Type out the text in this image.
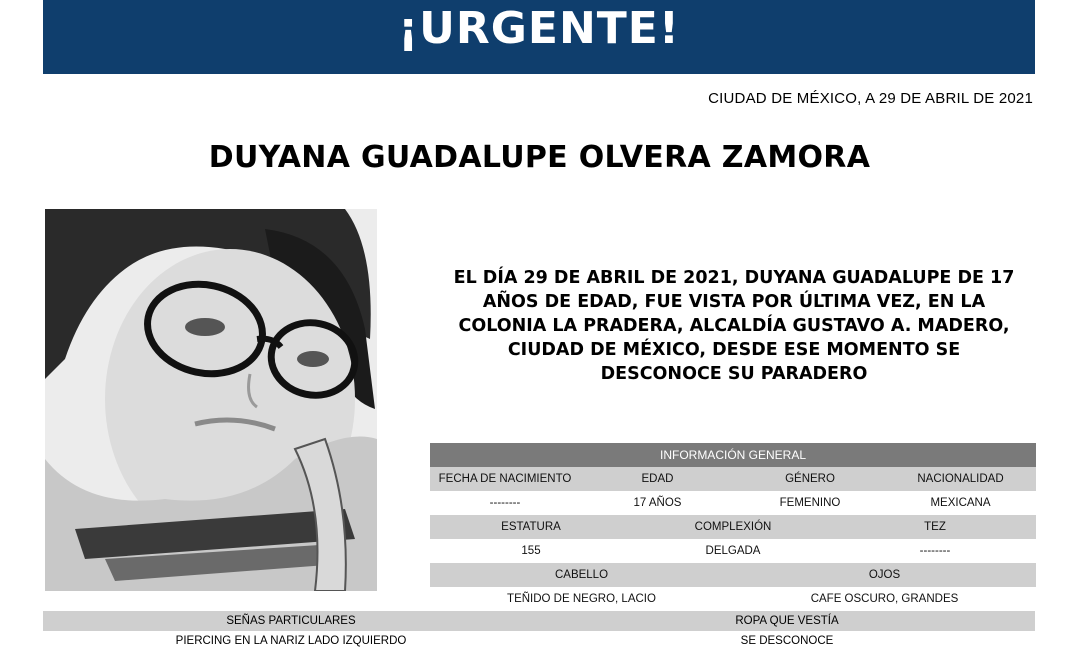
¡URGENTE!
CIUDAD DE MÉXICO, A 29 DE ABRIL DE 2021
DUYANA GUADALUPE OLVERA ZAMORA
EL DÍA 29 DE ABRIL DE 2021, DUYANA GUADALUPE DE 17
AÑOS DE EDAD, FUE VISTA POR ÚLTIMA VEZ, EN LA
COLONIA LA PRADERA, ALCALDÍA GUSTAVO A. MADERO,
CIUDAD DE MÉXICO, DESDE ESE MOMENTO SE
DESCONOCE SU PARADERO
INFORMACIÓN GENERAL
FECHA DE NACIMIENTO	EDAD	GÉNERO	NACIONALIDAD
--------	17 AÑOS	FEMENINO	MEXICANA
ESTATURA	COMPLEXIÓN	TEZ
155	DELGADA	--------
CABELLO	OJOS
TEÑIDO DE NEGRO, LACIO	CAFE OSCURO, GRANDES
SEÑAS PARTICULARES	ROPA QUE VESTÍA
PIERCING EN LA NARIZ LADO IZQUIERDO	SE DESCONOCE
